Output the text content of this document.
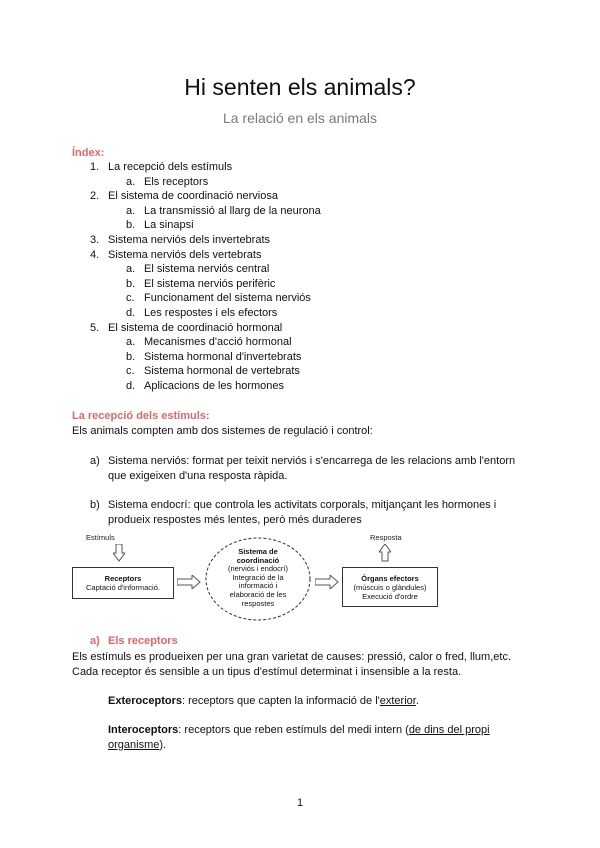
Hi senten els animals?
La relació en els animals
Índex:
1. La recepció dels estímuls
a. Els receptors
2. El sistema de coordinació nerviosa
a. La transmissió al llarg de la neurona
b. La sinapsi
3. Sistema nerviós dels invertebrats
4. Sistema nerviós dels vertebrats
a. El sistema nerviós central
b. El sistema nerviós perifèric
c. Funcionament del sistema nerviós
d. Les respostes i els efectors
5. El sistema de coordinació hormonal
a. Mecanismes d'acció hormonal
b. Sistema hormonal d'invertebrats
c. Sistema hormonal de vertebrats
d. Aplicacions de les hormones
La recepció dels estímuls:
Els animals compten amb dos sistemes de regulació i control:
a) Sistema nerviós: format per teixit nerviós i s'encarrega de les relacions amb l'entorn
que exigeixen d'una resposta ràpida.
b) Sistema endocrí: que controla les activitats corporals, mitjançant les hormones i
produeix respostes més lentes, però més duraderes
Estímuls
Receptors
Captació d'informació.
Sistema de
coordinació
(nerviós i endocrí)
Integració de la
informació i
elaboració de les
respostes
Resposta
Òrgans efectors
(múscuis o glàndules)
Execució d'ordre
a) Els receptors
Els estímuls es produeixen per una gran varietat de causes: pressió, calor o fred, llum,etc.
Cada receptor és sensible a un tipus d'estímul determinat i insensible a la resta.
Exteroceptors: receptors que capten la informació de l'exterior.
Interoceptors: receptors que reben estímuls del medi intern (de dins del propi
organisme).
1
